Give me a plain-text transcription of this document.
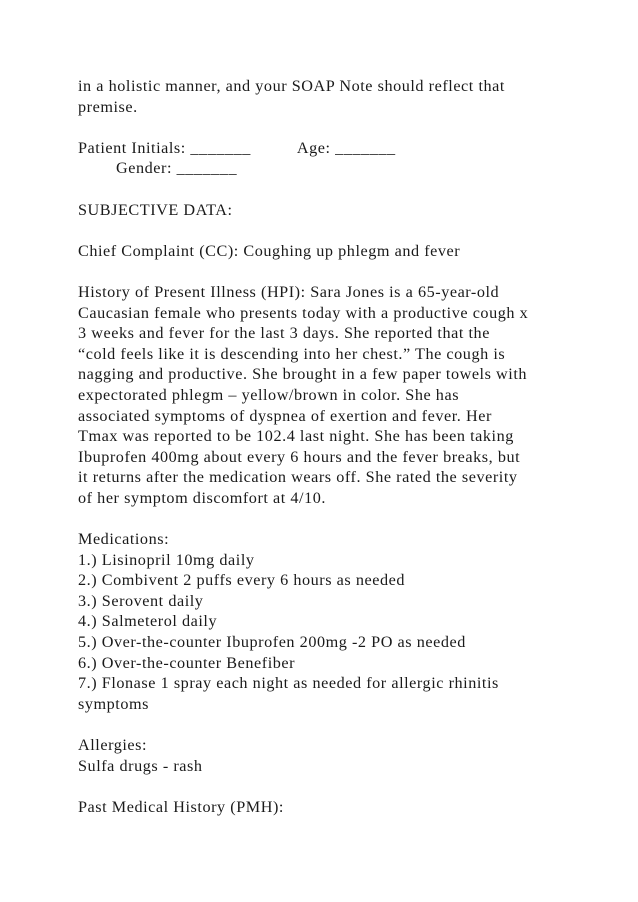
in a holistic manner, and your SOAP Note should reflect that
premise.
Patient Initials: _______	Age: _______
Gender: _______
SUBJECTIVE DATA:
Chief Complaint (CC): Coughing up phlegm and fever
History of Present Illness (HPI): Sara Jones is a 65-year-old
Caucasian female who presents today with a productive cough x
3 weeks and fever for the last 3 days. She reported that the
“cold feels like it is descending into her chest.” The cough is
nagging and productive. She brought in a few paper towels with
expectorated phlegm – yellow/brown in color. She has
associated symptoms of dyspnea of exertion and fever. Her
Tmax was reported to be 102.4 last night. She has been taking
Ibuprofen 400mg about every 6 hours and the fever breaks, but
it returns after the medication wears off. She rated the severity
of her symptom discomfort at 4/10.
Medications:
1.) Lisinopril 10mg daily
2.) Combivent 2 puffs every 6 hours as needed
3.) Serovent daily
4.) Salmeterol daily
5.) Over-the-counter Ibuprofen 200mg -2 PO as needed
6.) Over-the-counter Benefiber
7.) Flonase 1 spray each night as needed for allergic rhinitis
symptoms
Allergies:
Sulfa drugs - rash
Past Medical History (PMH):
